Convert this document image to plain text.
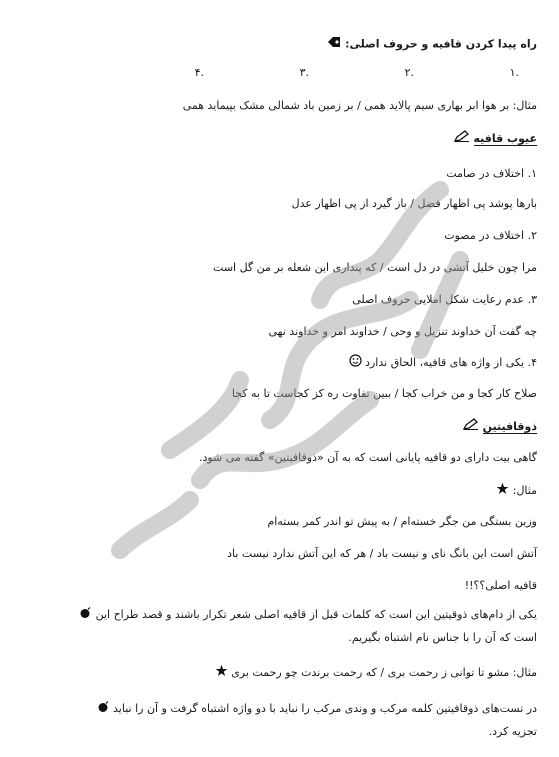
راه پیدا کردن قافیه و حروف اصلی:
۱.
۲.
۳.
۴.
مثال: بر هوا ابر بهاری سیم پالاید همی / بر زمین باد شمالی مشک بپیماید همی
عیوب قافیه
۱. اختلاف در صامت
بارها پوشد پی اظهار فضل / باز گیرد از پی اظهار عدل
۲. اختلاف در مصوت
مرا چون خلیل آتشی در دل است / که پنداری این شعله بر من گل است
۳. عدم رعایت شکل املایی حروف اصلی
چه گفت آن خداوند تنزیل و وحی / خداوند امر و خداوند نهی
۴. یکی از واژه های قافیه، الحاق ندارد
صلاح کار کجا و من خراب کجا / ببین تفاوت ره کز کجاست تا به کجا
ذوقافیتین
گاهی بیت دارای دو قافیه پایانی است که به آن «ذوقافیتین» گفته می شود.
مثال:
وزین بستگی من جگر خسته‌ام / به پیش تو اندر کمر بسته‌ام
آتش است این بانگ نای و نیست باد / هر که این آتش ندارد نیست باد
قافیه اصلی؟؟!!
یکی از دام‌های ذوقیتین این است که کلمات قبل از قافیه اصلی شعر تکرار باشند و قصد طراح این
است که آن را با جناس نام اشتباه بگیریم.
مثال: مشو تا توانی ز رحمت بری / که رحمت برندت چو رحمت بری
در تست‌های ذوقافیتین کلمه مرکب و وندی مرکب را نباید با دو واژه اشتباه گرفت و آن را نباید
تجزیه کرد.
